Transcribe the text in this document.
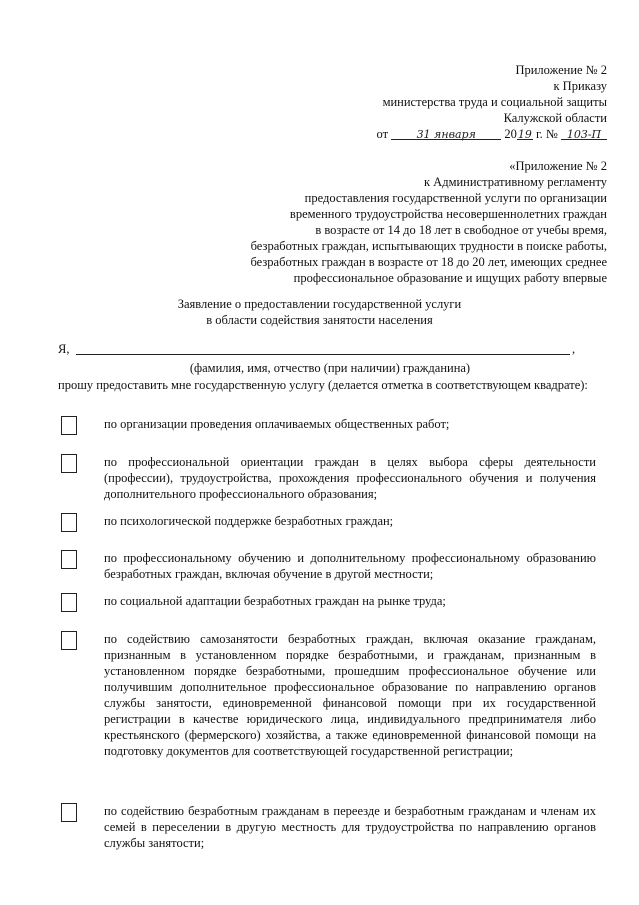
Приложение № 2
к Приказу
министерства труда и социальной защиты
Калужской области
от	31 января 2019 г. № 103-П
«Приложение № 2
к Административному регламенту
предоставления государственной услуги по организации
временного трудоустройства несовершеннолетних граждан
в возрасте от 14 до 18 лет в свободное от учебы время,
безработных граждан, испытывающих трудности в поиске работы,
безработных граждан в возрасте от 18 до 20 лет, имеющих среднее
профессиональное образование и ищущих работу впервые
Заявление о предоставлении государственной услуги
в области содействия занятости населения
Я,	,
(фамилия, имя, отчество (при наличии) гражданина)
прошу предоставить мне государственную услугу (делается отметка в соответствующем квадрате):
по организации проведения оплачиваемых общественных работ;
по профессиональной ориентации граждан в целях выбора сферы деятельности (профессии), трудоустройства, прохождения профессионального обучения и получения дополнительного профессионального образования;
по психологической поддержке безработных граждан;
по профессиональному обучению и дополнительному профессиональному образованию безработных граждан, включая обучение в другой местности;
по социальной адаптации безработных граждан на рынке труда;
по содействию самозанятости безработных граждан, включая оказание гражданам, признанным в установленном порядке безработными, и гражданам, признанным в установленном порядке безработными, прошедшим профессиональное обучение или получившим дополнительное профессиональное образование по направлению органов службы занятости, единовременной финансовой помощи при их государственной регистрации в качестве юридического лица, индивидуального предпринимателя либо крестьянского (фермерского) хозяйства, а также единовременной финансовой помощи на подготовку документов для соответствующей государственной регистрации;
по содействию безработным гражданам в переезде и безработным гражданам и членам их семей в переселении в другую местность для трудоустройства по направлению органов службы занятости;
